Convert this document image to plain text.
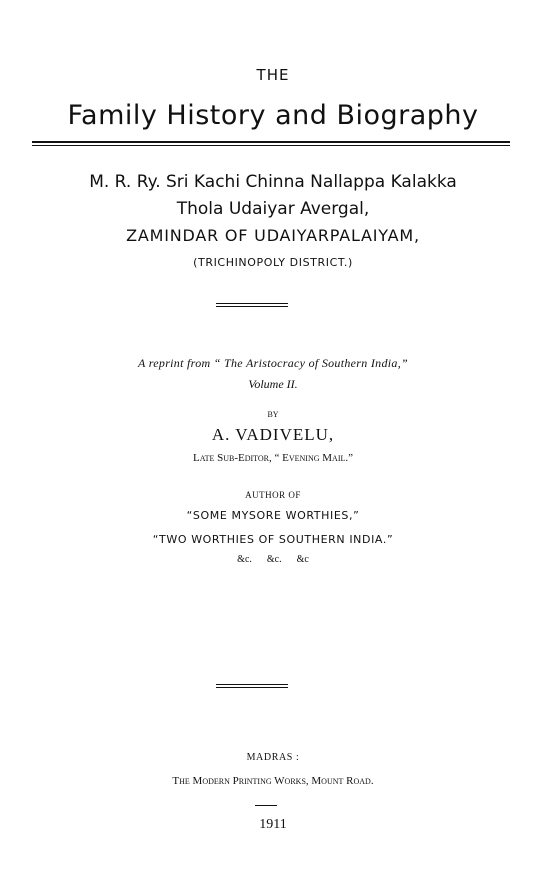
THE
Family History and Biography
M. R. Ry. Sri Kachi Chinna Nallappa Kalakka
Thola Udaiyar Avergal,
ZAMINDAR OF UDAIYARPALAIYAM,
(TRICHINOPOLY DISTRICT.)
A reprint from “ The Aristocracy of Southern India,”
Volume II.
BY
A. VADIVELU,
Late Sub-Editor, “ Evening Mail.”
AUTHOR OF
“SOME MYSORE WORTHIES,”
“TWO WORTHIES OF SOUTHERN INDIA.”
&c.      &c.      &c
MADRAS :
The Modern Printing Works, Mount Road.
1911
